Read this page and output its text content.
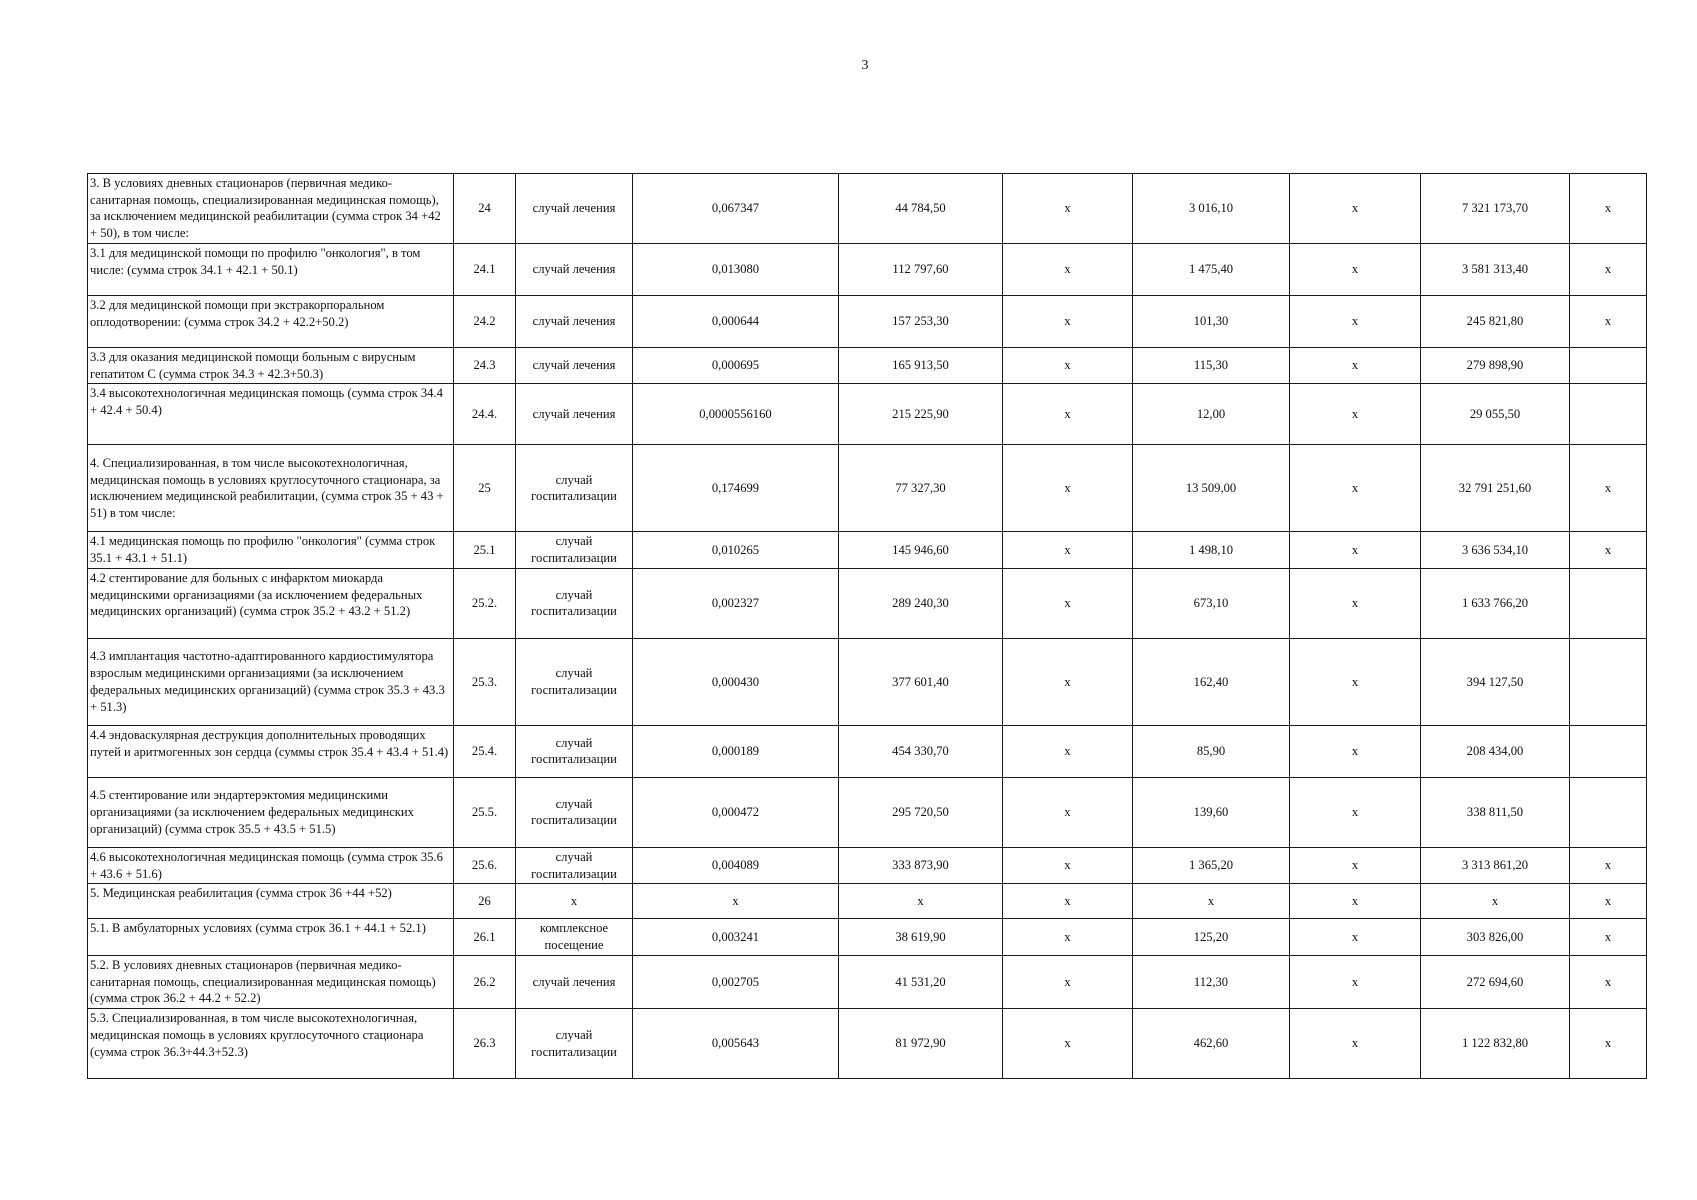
3
3. В условиях дневных стационаров (первичная медико-санитарная помощь, специализированная медицинская помощь), за исключением медицинской реабилитации (сумма строк 34 +42 + 50), в том числе:	24	случай лечения	0,067347	44 784,50	х	3 016,10	х	7 321 173,70	х
3.1 для медицинской помощи по профилю "онкология", в том числе: (сумма строк 34.1 + 42.1 + 50.1)	24.1	случай лечения	0,013080	112 797,60	х	1 475,40	х	3 581 313,40	х
3.2 для медицинской помощи при экстракорпоральном оплодотворении: (сумма строк 34.2 + 42.2+50.2)	24.2	случай лечения	0,000644	157 253,30	х	101,30	х	245 821,80	х
3.3 для оказания медицинской помощи больным с вирусным гепатитом С (сумма строк 34.3 + 42.3+50.3)	24.3	случай лечения	0,000695	165 913,50	х	115,30	х	279 898,90	
3.4 высокотехнологичная медицинская помощь (сумма строк 34.4 + 42.4 + 50.4)	24.4.	случай лечения	0,0000556160	215 225,90	х	12,00	х	29 055,50	
4. Специализированная, в том числе высокотехнологичная, медицинская помощь в условиях круглосуточного стационара, за исключением медицинской реабилитации, (сумма строк 35 + 43 + 51) в том числе:	25	случай госпитализации	0,174699	77 327,30	х	13 509,00	х	32 791 251,60	х
4.1 медицинская помощь по профилю "онкология" (сумма строк 35.1 + 43.1 + 51.1)	25.1	случай госпитализации	0,010265	145 946,60	х	1 498,10	х	3 636 534,10	х
4.2 стентирование для больных с инфарктом миокарда медицинскими организациями (за исключением федеральных медицинских организаций) (сумма строк 35.2 + 43.2 + 51.2)	25.2.	случай госпитализации	0,002327	289 240,30	х	673,10	х	1 633 766,20	
4.3 имплантация частотно-адаптированного кардиостимулятора взрослым медицинскими организациями (за исключением федеральных медицинских организаций) (сумма строк 35.3 + 43.3 + 51.3)	25.3.	случай госпитализации	0,000430	377 601,40	х	162,40	х	394 127,50	
4.4 эндоваскулярная деструкция дополнительных проводящих путей и аритмогенных зон сердца (суммы строк 35.4 + 43.4 + 51.4)	25.4.	случай госпитализации	0,000189	454 330,70	х	85,90	х	208 434,00	
4.5 стентирование или эндартерэктомия медицинскими организациями (за исключением федеральных медицинских организаций) (сумма строк 35.5 + 43.5 + 51.5)	25.5.	случай госпитализации	0,000472	295 720,50	х	139,60	х	338 811,50	
4.6 высокотехнологичная медицинская помощь (сумма строк 35.6 + 43.6 + 51.6)	25.6.	случай госпитализации	0,004089	333 873,90	х	1 365,20	х	3 313 861,20	х
5. Медицинская реабилитация (сумма строк 36 +44 +52)	26	х	х	х	х	х	х	х	х
5.1. В амбулаторных условиях (сумма строк 36.1 + 44.1 + 52.1)	26.1	комплексное посещение	0,003241	38 619,90	х	125,20	х	303 826,00	х
5.2. В условиях дневных стационаров (первичная медико-санитарная помощь, специализированная медицинская помощь) (сумма строк 36.2 + 44.2 + 52.2)	26.2	случай лечения	0,002705	41 531,20	х	112,30	х	272 694,60	х
5.3. Специализированная, в том числе высокотехнологичная, медицинская помощь в условиях круглосуточного стационара (сумма строк 36.3+44.3+52.3)	26.3	случай госпитализации	0,005643	81 972,90	х	462,60	х	1 122 832,80	х
